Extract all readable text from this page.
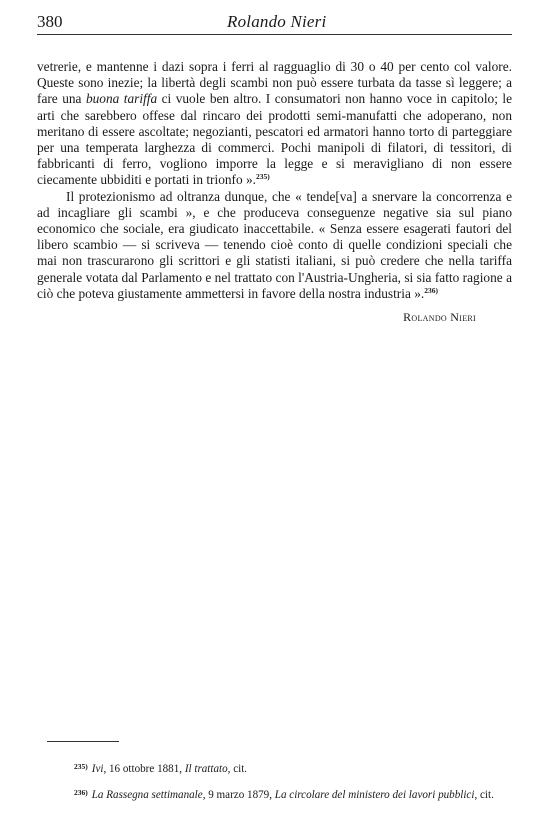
380	Rolando Nieri

vetrerie, e mantenne i dazi sopra i ferri al ragguaglio di 30 o 40 per cento col valore. Queste sono inezie; la libertà degli scambi non può essere turbata da tasse sì leggere; a fare una buona tariffa ci vuole ben altro. I consumatori non hanno voce in capitolo; le arti che sarebbero offese dal rincaro dei prodotti semi-manufatti che adoperano, non meritano di essere ascoltate; negozianti, pescatori ed armatori hanno torto di parteggiare per una temperata larghezza di commerci. Pochi manipoli di filatori, di tessitori, di fabbricanti di ferro, vogliono imporre la legge e si meravigliano di non essere ciecamente ubbiditi e portati in trionfo ».$^{235)}$

Il protezionismo ad oltranza dunque, che « tende[va] a snervare la concorrenza e ad incagliare gli scambi », e che produceva conseguenze negative sia sul piano economico che sociale, era giudicato inaccettabile. « Senza essere esagerati fautori del libero scambio — si scriveva — tenendo cioè conto di quelle condizioni speciali che mai non trascurarono gli scrittori e gli statisti italiani, si può credere che nella tariffa generale votata dal Parlamento e nel trattato con l'Austria-Ungheria, si sia fatto ragione a ciò che poteva giustamente ammettersi in favore della nostra industria ».$^{236)}$

Rolando Nieri

$^{235)}$ Ivi, 16 ottobre 1881, Il trattato, cit.

$^{236)}$ La Rassegna settimanale, 9 marzo 1879, La circolare del ministero dei lavori pubblici, cit.
